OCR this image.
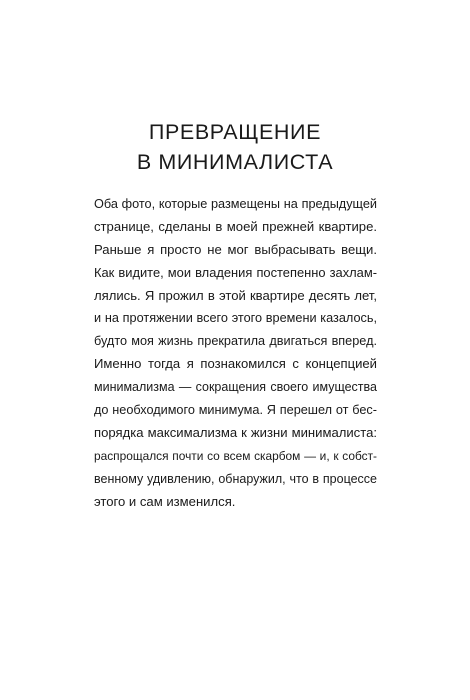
ПРЕВРАЩЕНИЕ
В МИНИМАЛИСТА
Оба фото, которые размещены на предыдущей
странице, сделаны в моей прежней квартире.
Раньше я просто не мог выбрасывать вещи.
Как видите, мои владения постепенно захлам-
лялись. Я прожил в этой квартире десять лет,
и на протяжении всего этого времени казалось,
будто моя жизнь прекратила двигаться вперед.
Именно тогда я познакомился с концепцией
минимализма — сокращения своего имущества
до необходимого минимума. Я перешел от бес-
порядка максимализма к жизни минималиста:
распрощался почти со всем скарбом — и, к собст-
венному удивлению, обнаружил, что в процессе
этого и сам изменился.
